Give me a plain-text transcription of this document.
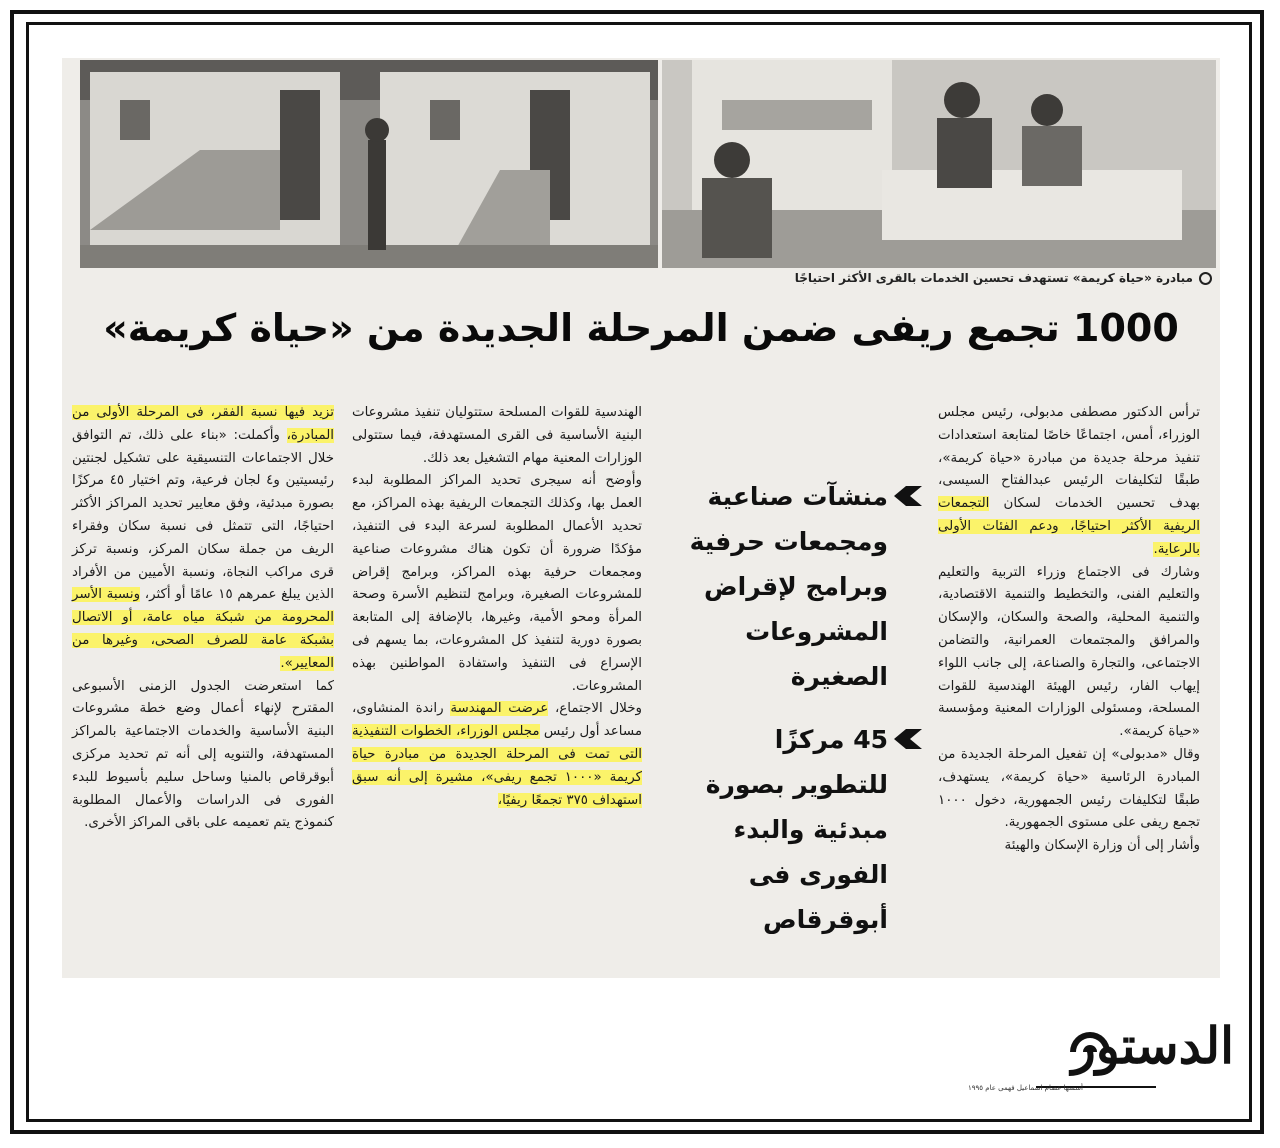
مبادرة «حياة كريمة» تستهدف تحسين الخدمات بالقرى الأكثر احتياجًا
1000 تجمع ريفى ضمن المرحلة الجديدة من «حياة كريمة»

ترأس الدكتور مصطفى مدبولى، رئيس مجلس الوزراء، أمس، اجتماعًا خاصًا لمتابعة استعدادات تنفيذ مرحلة جديدة من مبادرة «حياة كريمة»، طبقًا لتكليفات الرئيس عبدالفتاح السيسى، بهدف تحسين الخدمات لسكان التجمعات الريفية الأكثر احتياجًا، ودعم الفئات الأولى بالرعاية.

وشارك فى الاجتماع وزراء التربية والتعليم والتعليم الفنى، والتخطيط والتنمية الاقتصادية، والتنمية المحلية، والصحة والسكان، والإسكان والمرافق والمجتمعات العمرانية، والتضامن الاجتماعى، والتجارة والصناعة، إلى جانب اللواء إيهاب الفار، رئيس الهيئة الهندسية للقوات المسلحة، ومسئولى الوزارات المعنية ومؤسسة «حياة كريمة».

وقال «مدبولى» إن تفعيل المرحلة الجديدة من المبادرة الرئاسية «حياة كريمة»، يستهدف، طبقًا لتكليفات رئيس الجمهورية، دخول ١٠٠٠ تجمع ريفى على مستوى الجمهورية.

وأشار إلى أن وزارة الإسكان والهيئة

منشآت صناعية ومجمعات حرفية وبرامج لإقراض المشروعات الصغيرة
45 مركزًا للتطوير بصورة مبدئية والبدء الفورى فى أبوقرقاص

الهندسية للقوات المسلحة ستتوليان تنفيذ مشروعات البنية الأساسية فى القرى المستهدفة، فيما ستتولى الوزارات المعنية مهام التشغيل بعد ذلك.

وأوضح أنه سيجرى تحديد المراكز المطلوبة لبدء العمل بها، وكذلك التجمعات الريفية بهذه المراكز، مع تحديد الأعمال المطلوبة لسرعة البدء فى التنفيذ، مؤكدًا ضرورة أن تكون هناك مشروعات صناعية ومجمعات حرفية بهذه المراكز، وبرامج إقراض للمشروعات الصغيرة، وبرامج لتنظيم الأسرة وصحة المرأة ومحو الأمية، وغيرها، بالإضافة إلى المتابعة بصورة دورية لتنفيذ كل المشروعات، بما يسهم فى الإسراع فى التنفيذ واستفادة المواطنين بهذه المشروعات.

وخلال الاجتماع، عرضت المهندسة راندة المنشاوى، مساعد أول رئيس مجلس الوزراء، الخطوات التنفيذية التى تمت فى المرحلة الجديدة من مبادرة حياة كريمة «١٠٠٠ تجمع ريفى»، مشيرة إلى أنه سبق استهداف ٣٧٥ تجمعًا ريفيًا،

تزيد فيها نسبة الفقر، فى المرحلة الأولى من المبادرة، وأكملت: «بناء على ذلك، تم التوافق خلال الاجتماعات التنسيقية على تشكيل لجنتين رئيسيتين و٤ لجان فرعية، وتم اختيار ٤٥ مركزًا بصورة مبدئية، وفق معايير تحديد المراكز الأكثر احتياجًا، التى تتمثل فى نسبة سكان وفقراء الريف من جملة سكان المركز، ونسبة تركز قرى مراكب النجاة، ونسبة الأميين من الأفراد الذين يبلغ عمرهم ١٥ عامًا أو أكثر، ونسبة الأسر المحرومة من شبكة مياه عامة، أو الاتصال بشبكة عامة للصرف الصحى، وغيرها من المعايير».

كما استعرضت الجدول الزمنى الأسبوعى المقترح لإنهاء أعمال وضع خطة مشروعات البنية الأساسية والخدمات الاجتماعية بالمراكز المستهدفة، والتنويه إلى أنه تم تحديد مركزى أبوقرقاص بالمنيا وساحل سليم بأسيوط للبدء الفورى فى الدراسات والأعمال المطلوبة كنموذج يتم تعميمه على باقى المراكز الأخرى.

الدستور
أسسها عصام اسماعيل فهمى عام ١٩٩٥
